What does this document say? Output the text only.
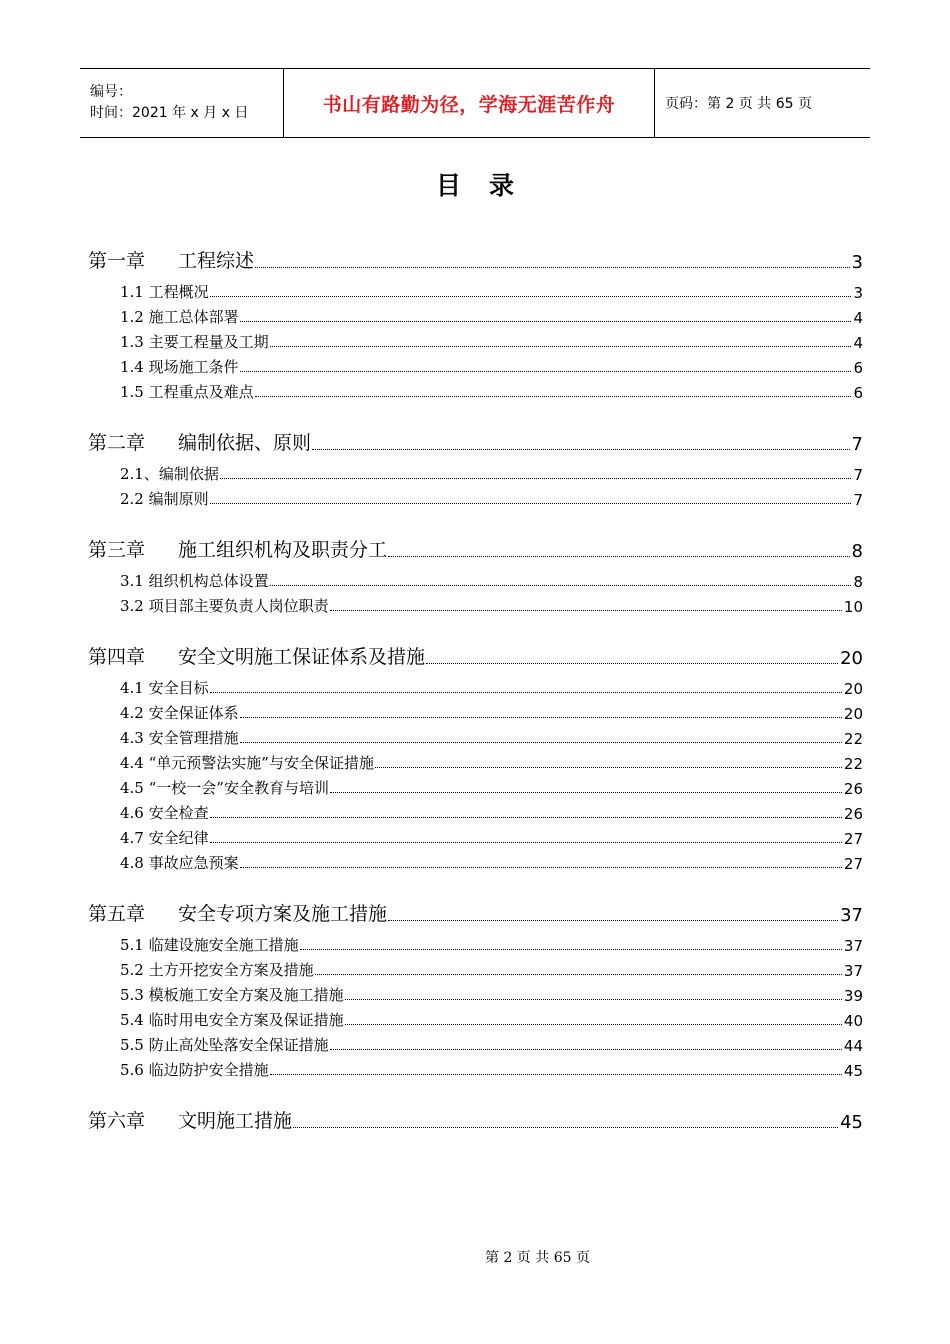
编号：
时间：2021 年 x 月 x 日	书山有路勤为径，学海无涯苦作舟	页码：第 2 页 共 65 页
目录
第一章 工程综述	3
1.1 工程概况	3
1.2 施工总体部署	4
1.3 主要工程量及工期	4
1.4 现场施工条件	6
1.5 工程重点及难点	6
第二章 编制依据、原则	7
2.1、编制依据	7
2.2 编制原则	7
第三章 施工组织机构及职责分工	8
3.1 组织机构总体设置	8
3.2 项目部主要负责人岗位职责	10
第四章 安全文明施工保证体系及措施	20
4.1 安全目标	20
4.2 安全保证体系	20
4.3 安全管理措施	22
4.4 “单元预警法实施”与安全保证措施	22
4.5 “一校一会”安全教育与培训	26
4.6 安全检查	26
4.7 安全纪律	27
4.8 事故应急预案	27
第五章 安全专项方案及施工措施	37
5.1 临建设施安全施工措施	37
5.2 土方开挖安全方案及措施	37
5.3 模板施工安全方案及施工措施	39
5.4 临时用电安全方案及保证措施	40
5.5 防止高处坠落安全保证措施	44
5.6 临边防护安全措施	45
第六章 文明施工措施	45
第 2 页 共 65 页
